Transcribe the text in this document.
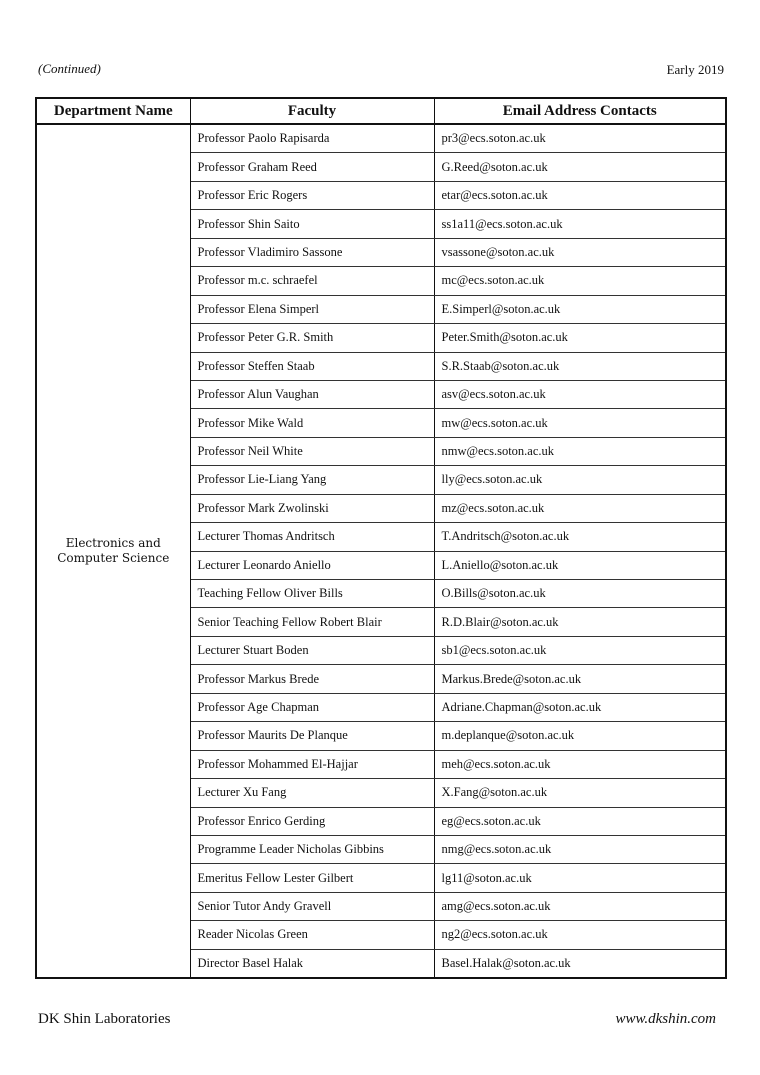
(Continued)	Early 2019
Department Name	Faculty	Email Address Contacts
Electronics and Computer Science	Professor Paolo Rapisarda	pr3@ecs.soton.ac.uk
	Professor Graham Reed	G.Reed@soton.ac.uk
	Professor Eric Rogers	etar@ecs.soton.ac.uk
	Professor Shin Saito	ss1a11@ecs.soton.ac.uk
	Professor Vladimiro Sassone	vsassone@soton.ac.uk
	Professor m.c. schraefel	mc@ecs.soton.ac.uk
	Professor Elena Simperl	E.Simperl@soton.ac.uk
	Professor Peter G.R. Smith	Peter.Smith@soton.ac.uk
	Professor Steffen Staab	S.R.Staab@soton.ac.uk
	Professor Alun Vaughan	asv@ecs.soton.ac.uk
	Professor Mike Wald	mw@ecs.soton.ac.uk
	Professor Neil White	nmw@ecs.soton.ac.uk
	Professor Lie-Liang Yang	lly@ecs.soton.ac.uk
	Professor Mark Zwolinski	mz@ecs.soton.ac.uk
	Lecturer Thomas Andritsch	T.Andritsch@soton.ac.uk
	Lecturer Leonardo Aniello	L.Aniello@soton.ac.uk
	Teaching Fellow Oliver Bills	O.Bills@soton.ac.uk
	Senior Teaching Fellow Robert Blair	R.D.Blair@soton.ac.uk
	Lecturer Stuart Boden	sb1@ecs.soton.ac.uk
	Professor Markus Brede	Markus.Brede@soton.ac.uk
	Professor Age Chapman	Adriane.Chapman@soton.ac.uk
	Professor Maurits De Planque	m.deplanque@soton.ac.uk
	Professor Mohammed El-Hajjar	meh@ecs.soton.ac.uk
	Lecturer Xu Fang	X.Fang@soton.ac.uk
	Professor Enrico Gerding	eg@ecs.soton.ac.uk
	Programme Leader Nicholas Gibbins	nmg@ecs.soton.ac.uk
	Emeritus Fellow Lester Gilbert	lg11@soton.ac.uk
	Senior Tutor Andy Gravell	amg@ecs.soton.ac.uk
	Reader Nicolas Green	ng2@ecs.soton.ac.uk
	Director Basel Halak	Basel.Halak@soton.ac.uk
DK Shin Laboratories	www.dkshin.com
